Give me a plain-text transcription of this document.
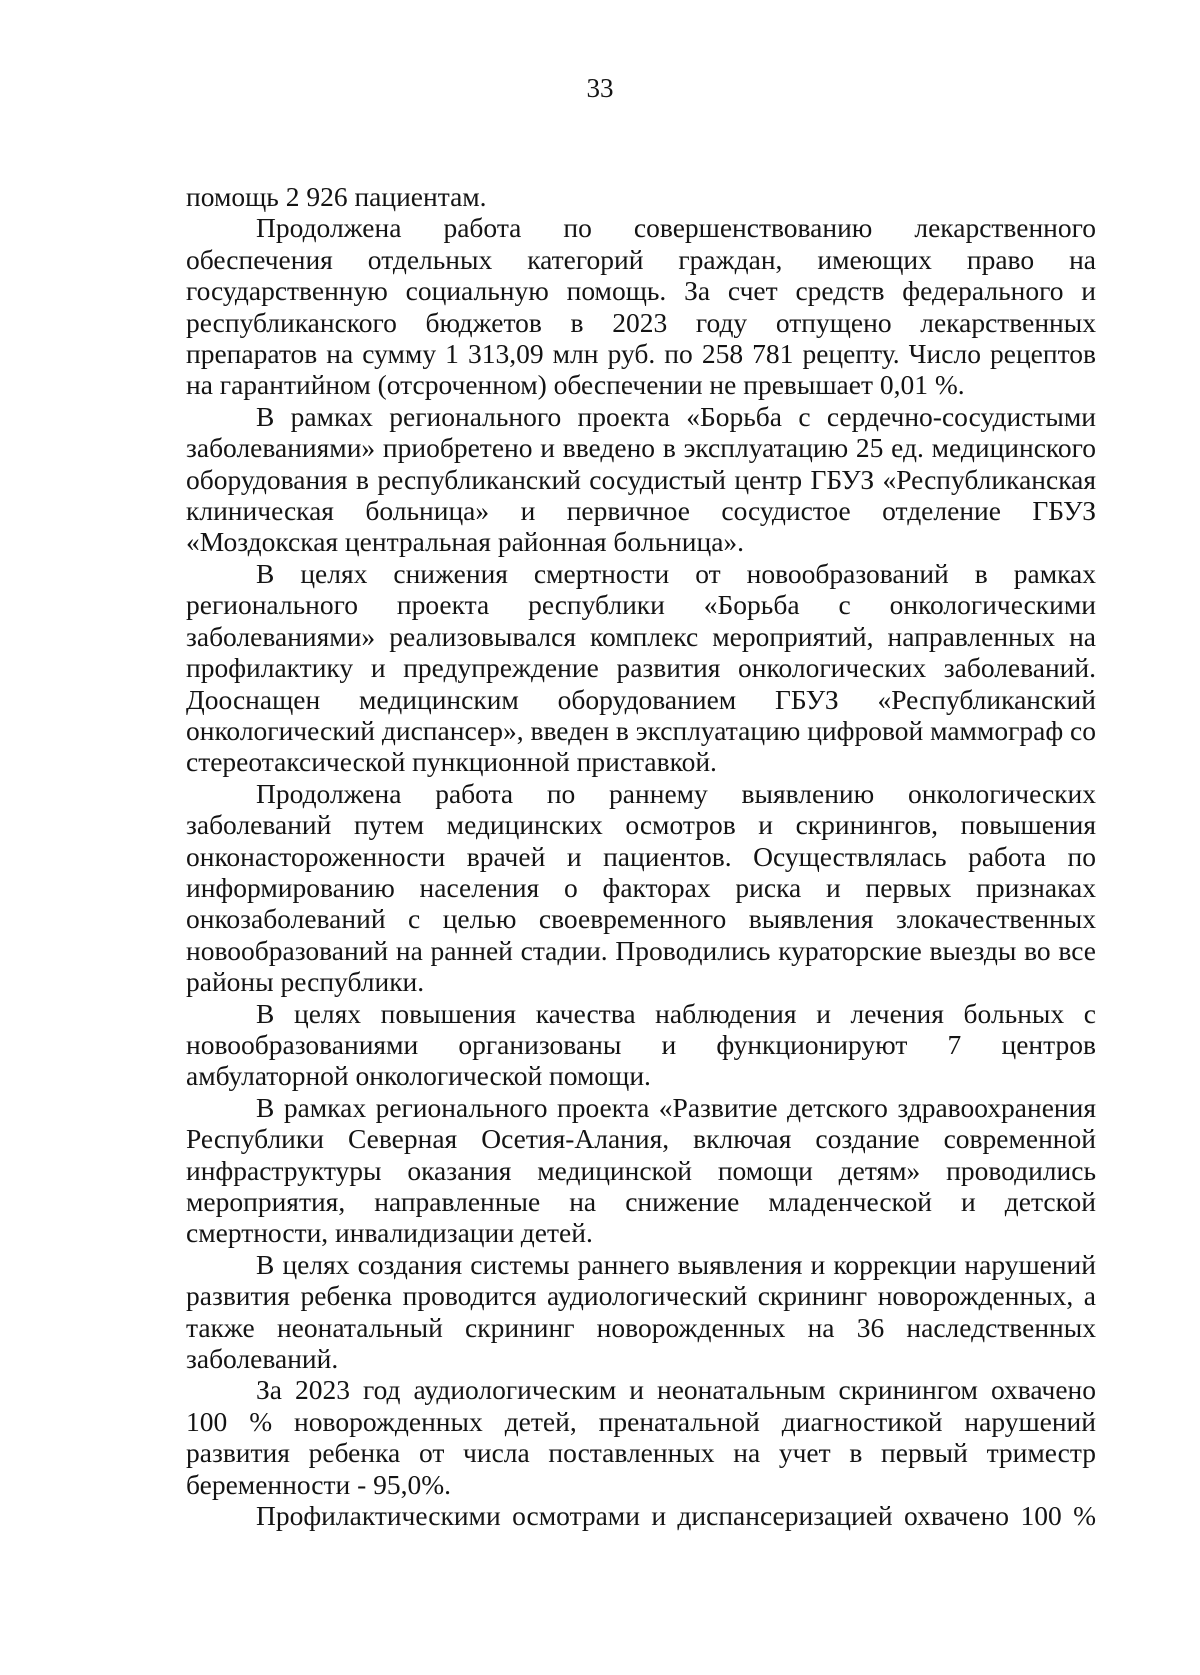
33

помощь 2 926 пациентам.

Продолжена работа по совершенствованию лекарственного обеспечения отдельных категорий граждан, имеющих право на государственную социальную помощь. За счет средств федерального и республиканского бюджетов в 2023 году отпущено лекарственных препаратов на сумму 1 313,09 млн руб. по 258 781 рецепту. Число рецептов на гарантийном (отсроченном) обеспечении не превышает 0,01 %.

В рамках регионального проекта «Борьба с сердечно-сосудистыми заболеваниями» приобретено и введено в эксплуатацию 25 ед. медицинского оборудования в республиканский сосудистый центр ГБУЗ «Республиканская клиническая больница» и первичное сосудистое отделение ГБУЗ «Моздокская центральная районная больница».

В целях снижения смертности от новообразований в рамках регионального проекта республики «Борьба с онкологическими заболеваниями» реализовывался комплекс мероприятий, направленных на профилактику и предупреждение развития онкологических заболеваний. Дооснащен медицинским оборудованием ГБУЗ «Республиканский онкологический диспансер», введен в эксплуатацию цифровой маммограф со стереотаксической пункционной приставкой.

Продолжена работа по раннему выявлению онкологических заболеваний путем медицинских осмотров и скринингов, повышения онконастороженности врачей и пациентов. Осуществлялась работа по информированию населения о факторах риска и первых признаках онкозаболеваний с целью своевременного выявления злокачественных новообразований на ранней стадии. Проводились кураторские выезды во все районы республики.

В целях повышения качества наблюдения и лечения больных с новообразованиями организованы и функционируют 7 центров амбулаторной онкологической помощи.

В рамках регионального проекта «Развитие детского здравоохранения Республики Северная Осетия-Алания, включая создание современной инфраструктуры оказания медицинской помощи детям» проводились мероприятия, направленные на снижение младенческой и детской смертности, инвалидизации детей.

В целях создания системы раннего выявления и коррекции нарушений развития ребенка проводится аудиологический скрининг новорожденных, а также неонатальный скрининг новорожденных на 36 наследственных заболеваний.

За 2023 год аудиологическим и неонатальным скринингом охвачено 100 % новорожденных детей, пренатальной диагностикой нарушений развития ребенка от числа поставленных на учет в первый триместр беременности - 95,0%.

Профилактическими осмотрами и диспансеризацией охвачено 100 %
